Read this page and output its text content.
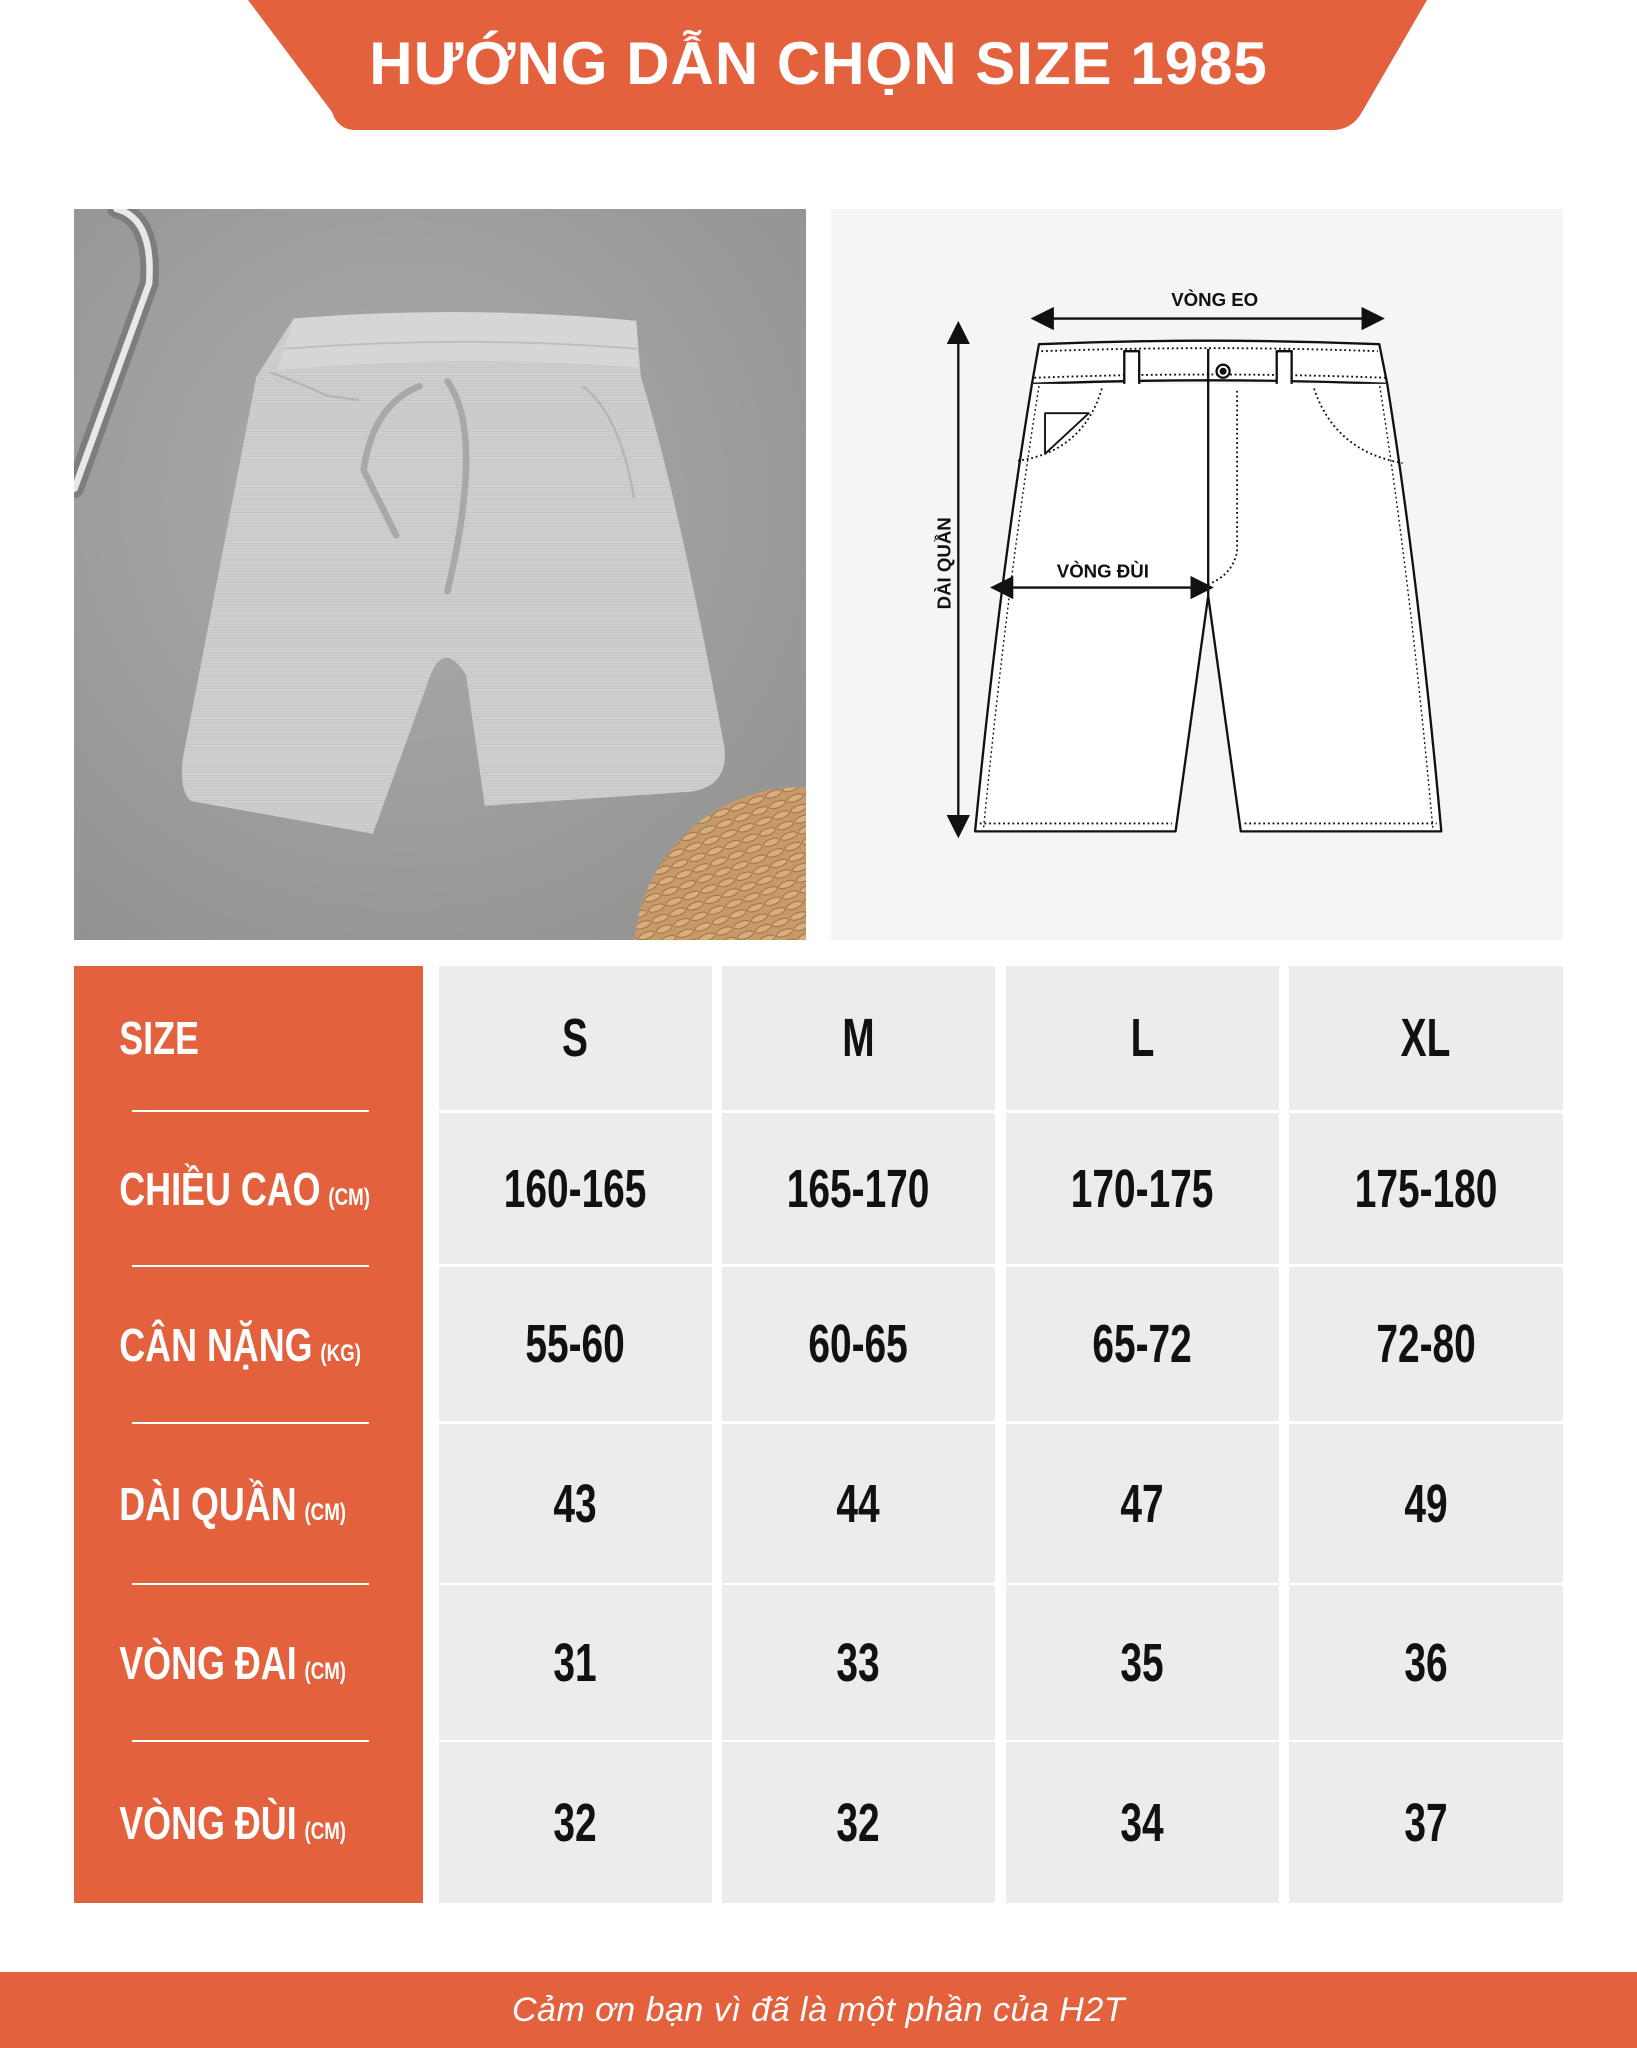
HƯỚNG DẪN CHỌN SIZE 1985
VÒNG EO
VÒNG ĐÙI
DÀI QUẦN
SIZE
CHIỀU CAO (CM)
CÂN NẶNG (KG)
DÀI QUẦN (CM)
VÒNG ĐAI (CM)
VÒNG ĐÙI (CM)
S
160-165
55-60
43
31
32
M
165-170
60-65
44
33
32
L
170-175
65-72
47
35
34
XL
175-180
72-80
49
36
37
Cảm ơn bạn vì đã là một phần của H2T
